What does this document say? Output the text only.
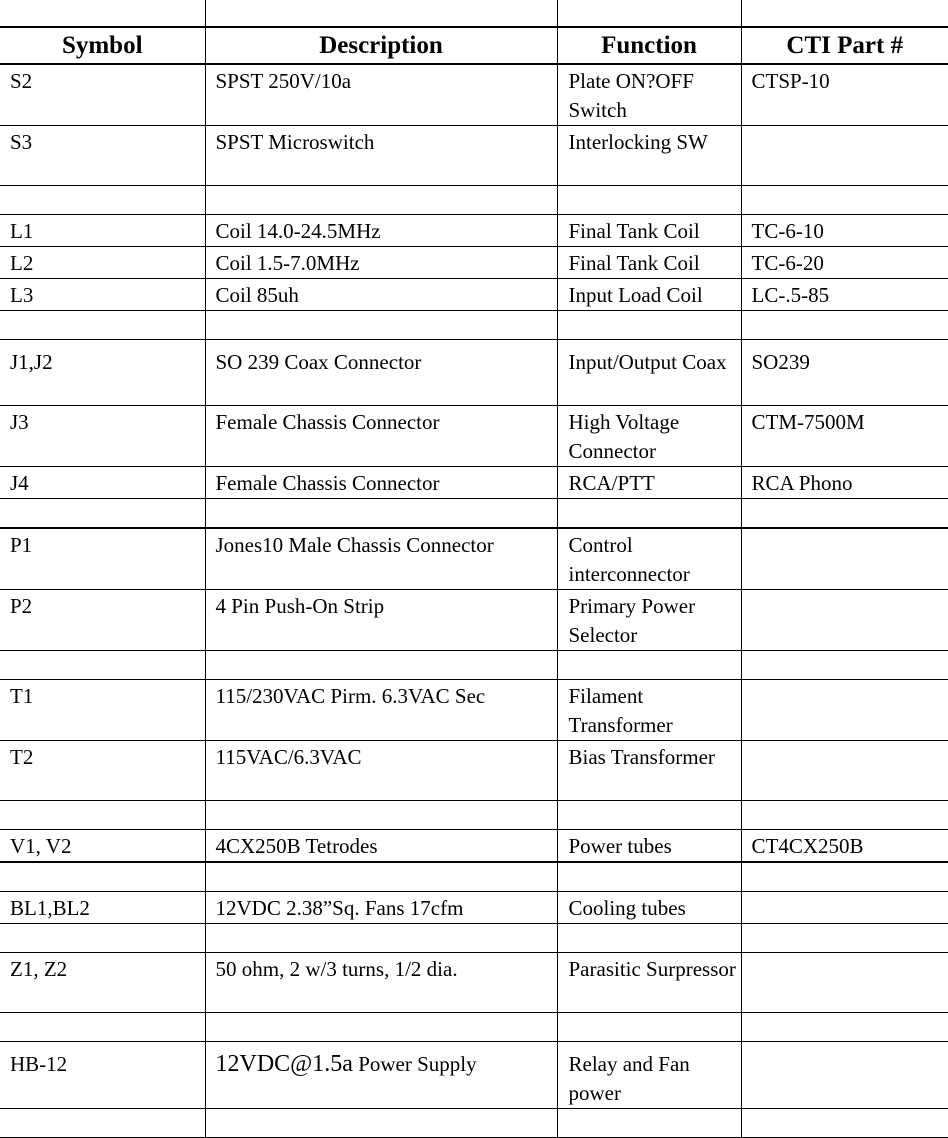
Symbol	Description	Function	CTI Part #
S2	SPST 250V/10a	Plate ON?OFF Switch	CTSP-10
S3	SPST Microswitch	Interlocking SW	

L1	Coil 14.0-24.5MHz	Final Tank Coil	TC-6-10
L2	Coil 1.5-7.0MHz	Final Tank Coil	TC-6-20
L3	Coil 85uh	Input Load Coil	LC-.5-85

J1,J2	SO 239 Coax Connector	Input/Output Coax	SO239
J3	Female Chassis Connector	High Voltage Connector	CTM-7500M
J4	Female Chassis Connector	RCA/PTT	RCA Phono

P1	Jones10 Male Chassis Connector	Control interconnector	
P2	4 Pin Push-On Strip	Primary Power Selector	

T1	115/230VAC Pirm. 6.3VAC Sec	Filament Transformer	
T2	115VAC/6.3VAC	Bias Transformer	

V1, V2	4CX250B Tetrodes	Power tubes	CT4CX250B

BL1,BL2	12VDC 2.38”Sq. Fans 17cfm	Cooling tubes	

Z1, Z2	50 ohm, 2 w/3 turns, 1/2 dia.	Parasitic Surpressor	

HB-12	12VDC@1.5a Power Supply	Relay and Fan power	
